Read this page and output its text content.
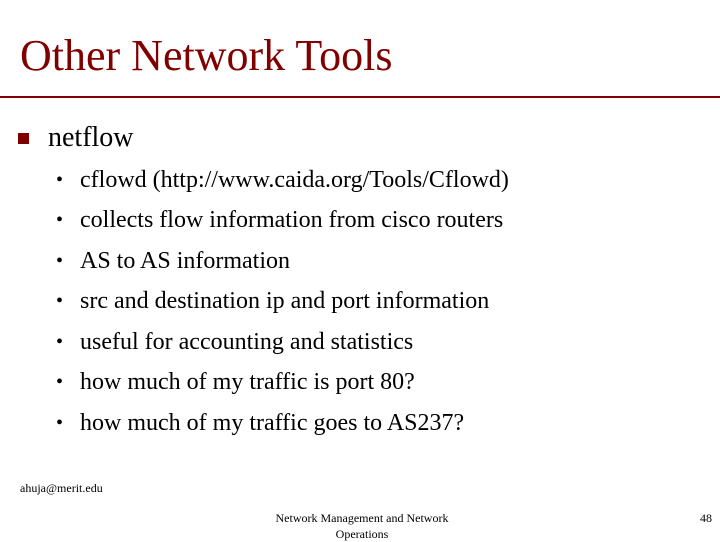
Other Network Tools
netflow
• cflowd (http://www.caida.org/Tools/Cflowd)
• collects flow information from cisco routers
• AS to AS information
• src and destination ip and port information
• useful for accounting and statistics
• how much of my traffic is port 80?
• how much of my traffic goes to AS237?
ahuja@merit.edu
Network Management and Network Operations
48
